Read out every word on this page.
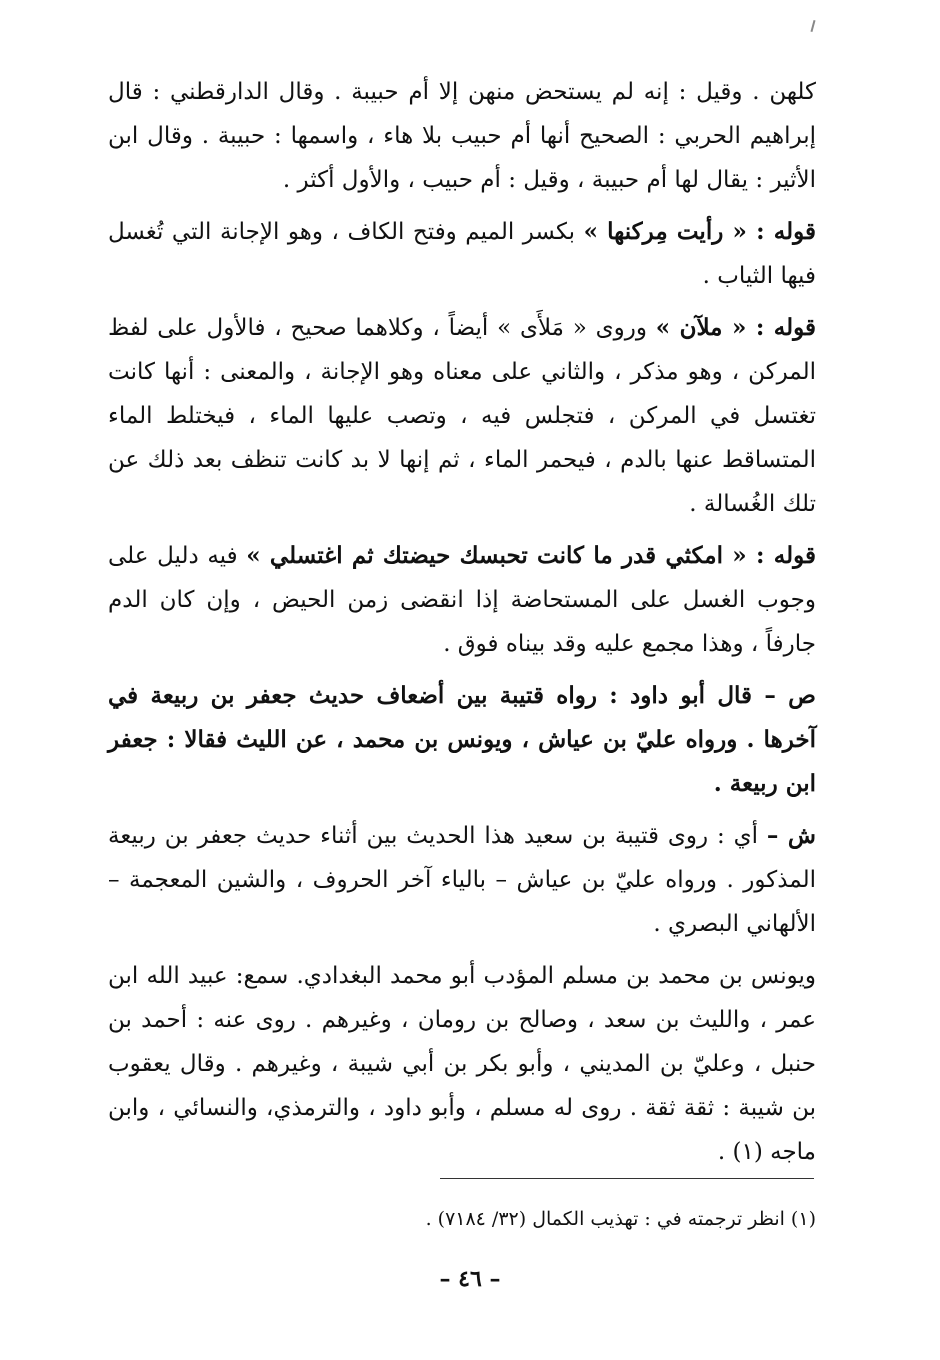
كلهن . وقيل : إنه لم يستحض منهن إلا أم حبيبة . وقال الدارقطني : قال إبراهيم الحربي : الصحيح أنها أم حبيب بلا هاء ، واسمها : حبيبة . وقال ابن الأثير : يقال لها أم حبيبة ، وقيل : أم حبيب ، والأول أكثر .

قوله : « رأيت مِركنها » بكسر الميم وفتح الكاف ، وهو الإجانة التي تُغسل فيها الثياب .

قوله : « ملآن » وروى « مَلأَى » أيضاً ، وكلاهما صحيح ، فالأول على لفظ المركن ، وهو مذكر ، والثاني على معناه وهو الإجانة ، والمعنى : أنها كانت تغتسل في المركن ، فتجلس فيه ، وتصب عليها الماء ، فيختلط الماء المتساقط عنها بالدم ، فيحمر الماء ، ثم إنها لا بد كانت تنظف بعد ذلك عن تلك الغُسالة .

قوله : « امكثي قدر ما كانت تحبسك حيضتك ثم اغتسلي » فيه دليل على وجوب الغسل على المستحاضة إذا انقضى زمن الحيض ، وإن كان الدم جارفاً ، وهذا مجمع عليه وقد بيناه فوق .

ص – قال أبو داود : رواه قتيبة بين أضعاف حديث جعفر بن ربيعة في آخرها . ورواه عليّ بن عياش ، ويونس بن محمد ، عن الليث فقالا : جعفر ابن ربيعة .

ش – أي : روى قتيبة بن سعيد هذا الحديث بين أثناء حديث جعفر بن ربيعة المذكور . ورواه عليّ بن عياش – بالياء آخر الحروف ، والشين المعجمة – الألهاني البصري .

ويونس بن محمد بن مسلم المؤدب أبو محمد البغدادي. سمع: عبيد الله ابن عمر ، والليث بن سعد ، وصالح بن رومان ، وغيرهم . روى عنه : أحمد بن حنبل ، وعليّ بن المديني ، وأبو بكر بن أبي شيبة ، وغيرهم . وقال يعقوب بن شيبة : ثقة ثقة . روى له مسلم ، وأبو داود ، والترمذي، والنسائي ، وابن ماجه (١) .

(١) انظر ترجمته في : تهذيب الكمال (٣٢/ ٧١٨٤) .
– ٤٦ –
